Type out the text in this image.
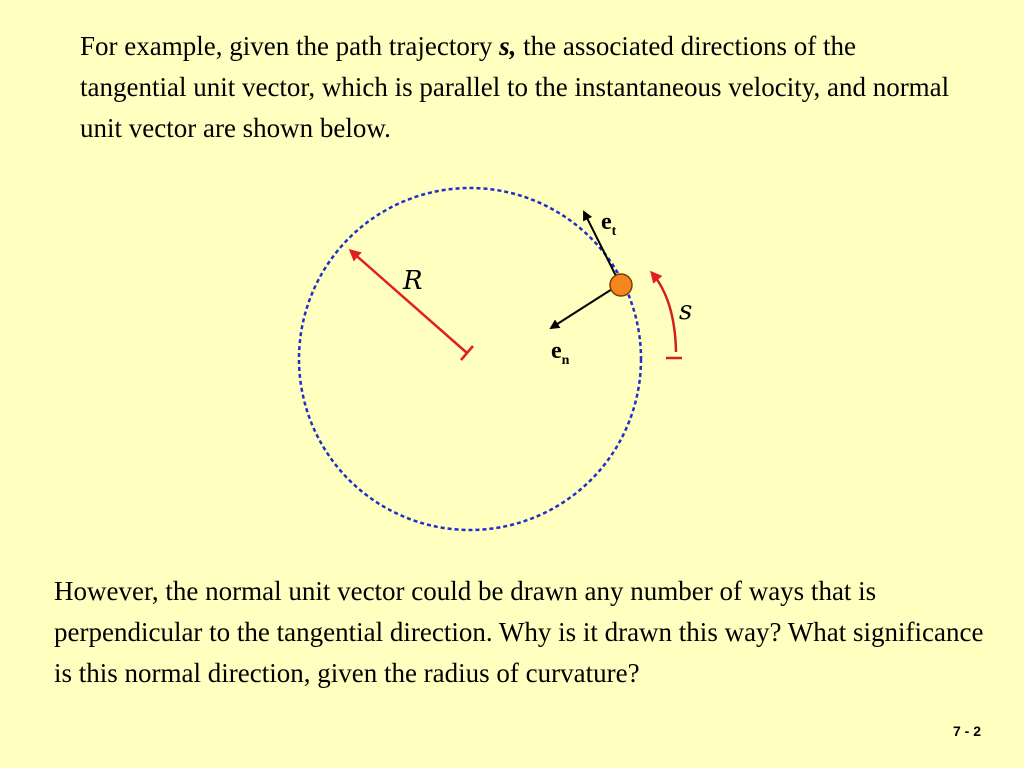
For example, given the path trajectory s, the associated directions of the tangential unit vector, which is parallel to the instantaneous velocity, and normal unit vector are shown below.

R
s
$e_t$
$e_n$

However, the normal unit vector could be drawn any number of ways that is perpendicular to the tangential direction. Why is it drawn this way? What significance is this normal direction, given the radius of curvature?

7 - 2
